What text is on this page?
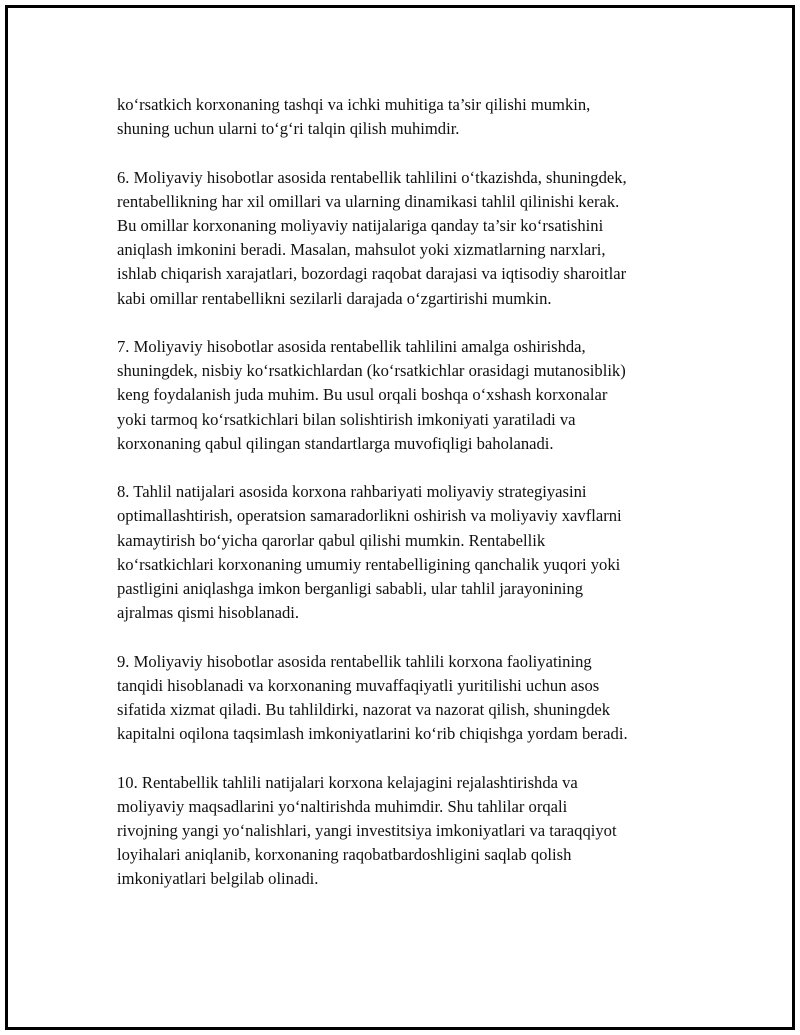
ko‘rsatkich korxonaning tashqi va ichki muhitiga ta’sir qilishi mumkin,
shuning uchun ularni to‘g‘ri talqin qilish muhimdir.

6. Moliyaviy hisobotlar asosida rentabellik tahlilini o‘tkazishda, shuningdek,
rentabellikning har xil omillari va ularning dinamikasi tahlil qilinishi kerak.
Bu omillar korxonaning moliyaviy natijalariga qanday ta’sir ko‘rsatishini
aniqlash imkonini beradi. Masalan, mahsulot yoki xizmatlarning narxlari,
ishlab chiqarish xarajatlari, bozordagi raqobat darajasi va iqtisodiy sharoitlar
kabi omillar rentabellikni sezilarli darajada o‘zgartirishi mumkin.

7. Moliyaviy hisobotlar asosida rentabellik tahlilini amalga oshirishda,
shuningdek, nisbiy ko‘rsatkichlardan (ko‘rsatkichlar orasidagi mutanosiblik)
keng foydalanish juda muhim. Bu usul orqali boshqa o‘xshash korxonalar
yoki tarmoq ko‘rsatkichlari bilan solishtirish imkoniyati yaratiladi va
korxonaning qabul qilingan standartlarga muvofiqligi baholanadi.

8. Tahlil natijalari asosida korxona rahbariyati moliyaviy strategiyasini
optimallashtirish, operatsion samaradorlikni oshirish va moliyaviy xavflarni
kamaytirish bo‘yicha qarorlar qabul qilishi mumkin. Rentabellik
ko‘rsatkichlari korxonaning umumiy rentabelligining qanchalik yuqori yoki
pastligini aniqlashga imkon berganligi sababli, ular tahlil jarayonining
ajralmas qismi hisoblanadi.

9. Moliyaviy hisobotlar asosida rentabellik tahlili korxona faoliyatining
tanqidi hisoblanadi va korxonaning muvaffaqiyatli yuritilishi uchun asos
sifatida xizmat qiladi. Bu tahlildirki, nazorat va nazorat qilish, shuningdek
kapitalni oqilona taqsimlash imkoniyatlarini ko‘rib chiqishga yordam beradi.

10. Rentabellik tahlili natijalari korxona kelajagini rejalashtirishda va
moliyaviy maqsadlarini yo‘naltirishda muhimdir. Shu tahlilar orqali
rivojning yangi yo‘nalishlari, yangi investitsiya imkoniyatlari va taraqqiyot
loyihalari aniqlanib, korxonaning raqobatbardoshligini saqlab qolish
imkoniyatlari belgilab olinadi.
